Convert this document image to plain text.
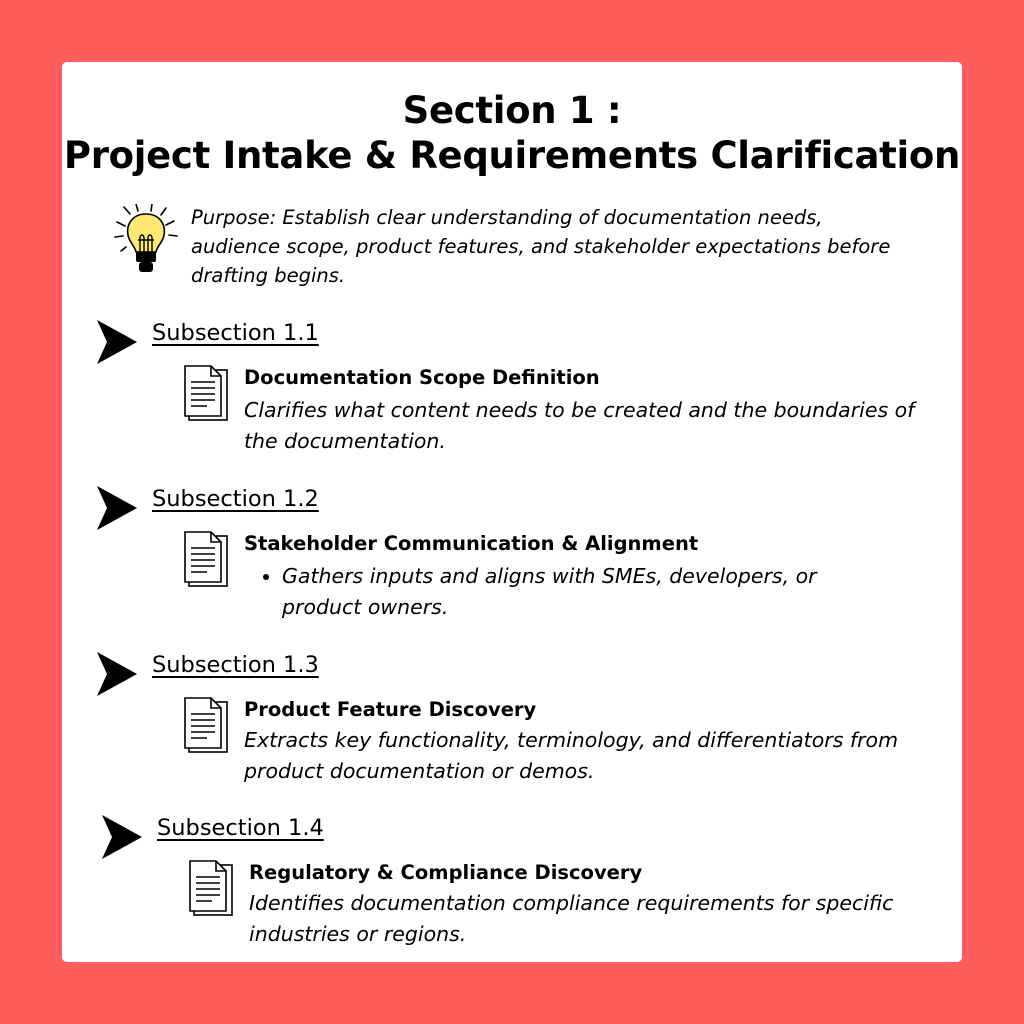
Section 1 :
Project Intake & Requirements Clarification
Purpose: Establish clear understanding of documentation needs, audience scope, product features, and stakeholder expectations before drafting begins.
Subsection 1.1
Documentation Scope Definition
Clarifies what content needs to be created and the boundaries of the documentation.
Subsection 1.2
Stakeholder Communication & Alignment
• Gathers inputs and aligns with SMEs, developers, or product owners.
Subsection 1.3
Product Feature Discovery
Extracts key functionality, terminology, and differentiators from product documentation or demos.
Subsection 1.4
Regulatory & Compliance Discovery
Identifies documentation compliance requirements for specific industries or regions.
